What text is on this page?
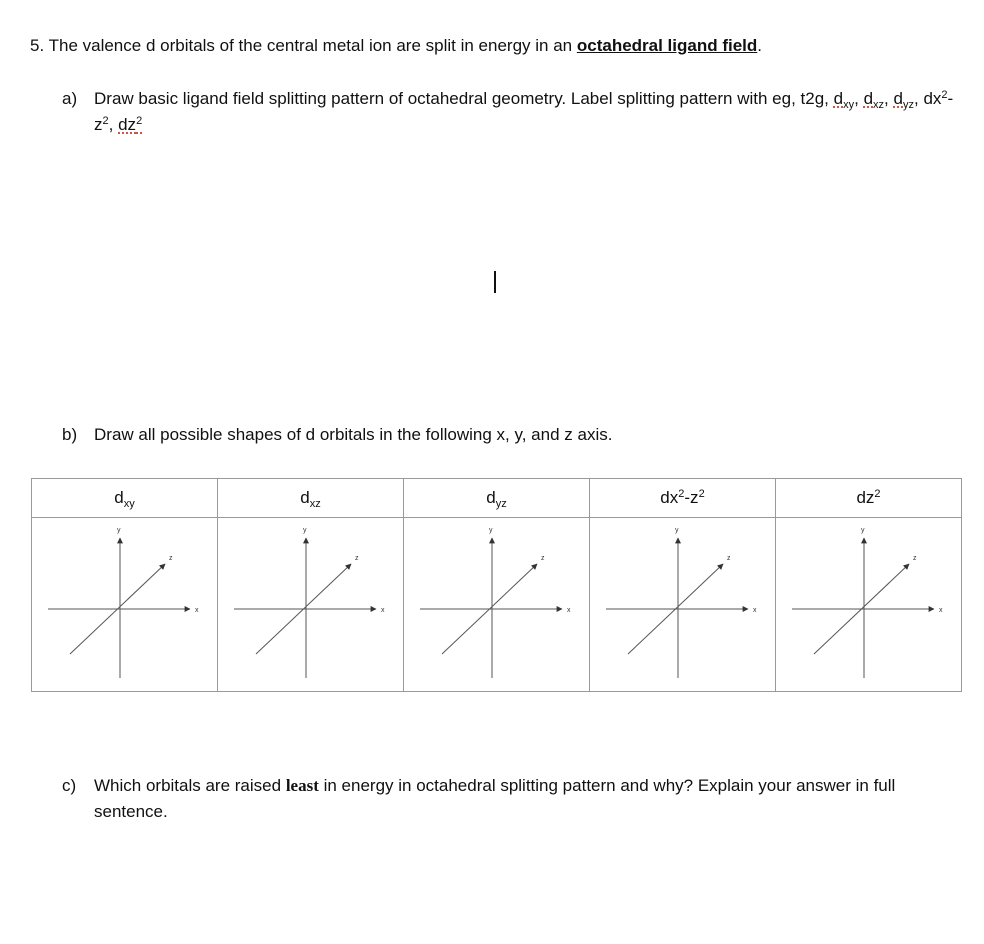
5. The valence d orbitals of the central metal ion are split in energy in an octahedral ligand field.
a) Draw basic ligand field splitting pattern of octahedral geometry. Label splitting pattern with eg, t2g, $d_{xy}$, $d_{xz}$, $d_{yz}$, $dx^2-z^2$, $dz^2$
b) Draw all possible shapes of d orbitals in the following x, y, and z axis.
$d_{xy}$	$d_{xz}$	$d_{yz}$	$dx^2-z^2$	$dz^2$

x
y
z	x
y
z	x
y
z	x
y
z	x
y
z
c) Which orbitals are raised least in energy in octahedral splitting pattern and why? Explain your answer in full sentence.
